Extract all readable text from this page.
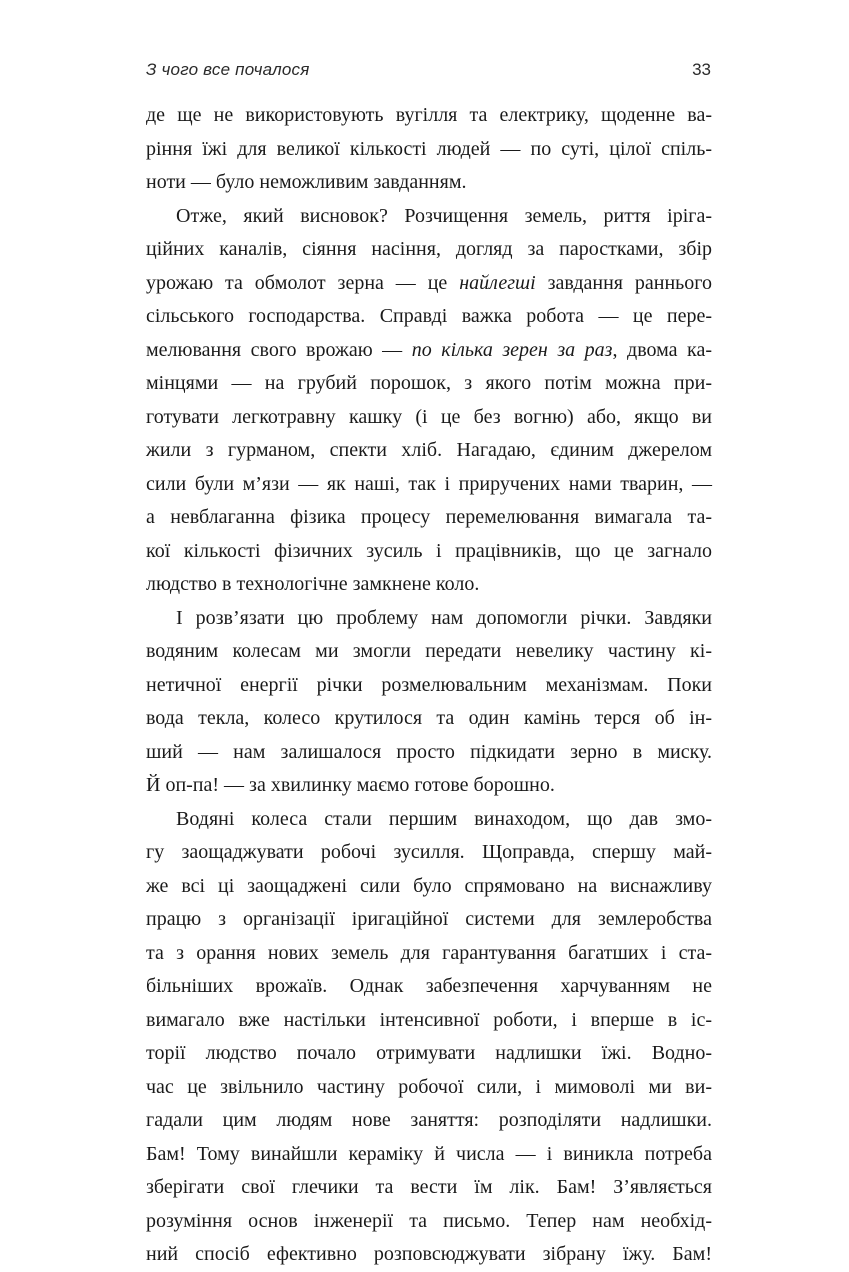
З чого все почалося	33
де ще не використовують вугілля та електрику, щоденне ва-
ріння їжі для великої кількості людей — по суті, цілої спіль-
ноти — було неможливим завданням.
Отже, який висновок? Розчищення земель, риття іріга-
ційних каналів, сіяння насіння, догляд за паростками, збір
урожаю та обмолот зерна — це найлегші завдання раннього
сільського господарства. Справді важка робота — це пере-
мелювання свого врожаю — по кілька зерен за раз, двома ка-
мінцями — на грубий порошок, з якого потім можна при-
готувати легкотравну кашку (і це без вогню) або, якщо ви
жили з гурманом, спекти хліб. Нагадаю, єдиним джерелом
сили були м’язи — як наші, так і приручених нами тварин, —
а невблаганна фізика процесу перемелювання вимагала та-
кої кількості фізичних зусиль і працівників, що це загнало
людство в технологічне замкнене коло.
І розв’язати цю проблему нам допомогли річки. Завдяки
водяним колесам ми змогли передати невелику частину кі-
нетичної енергії річки розмелювальним механізмам. Поки
вода текла, колесо крутилося та один камінь терся об ін-
ший — нам залишалося просто підкидати зерно в миску.
Й оп-па! — за хвилинку маємо готове борошно.
Водяні колеса стали першим винаходом, що дав змо-
гу заощаджувати робочі зусилля. Щоправда, спершу май-
же всі ці заощаджені сили було спрямовано на виснажливу
працю з організації іригаційної системи для землеробства
та з орання нових земель для гарантування багатших і ста-
більніших врожаїв. Однак забезпечення харчуванням не
вимагало вже настільки інтенсивної роботи, і вперше в іс-
торії людство почало отримувати надлишки їжі. Водно-
час це звільнило частину робочої сили, і мимоволі ми ви-
гадали цим людям нове заняття: розподіляти надлишки.
Бам! Тому винайшли кераміку й числа — і виникла потреба
зберігати свої глечики та вести їм лік. Бам! З’являється
розуміння основ інженерії та письмо. Тепер нам необхід-
ний спосіб ефективно розповсюджувати зібрану їжу. Бам!
